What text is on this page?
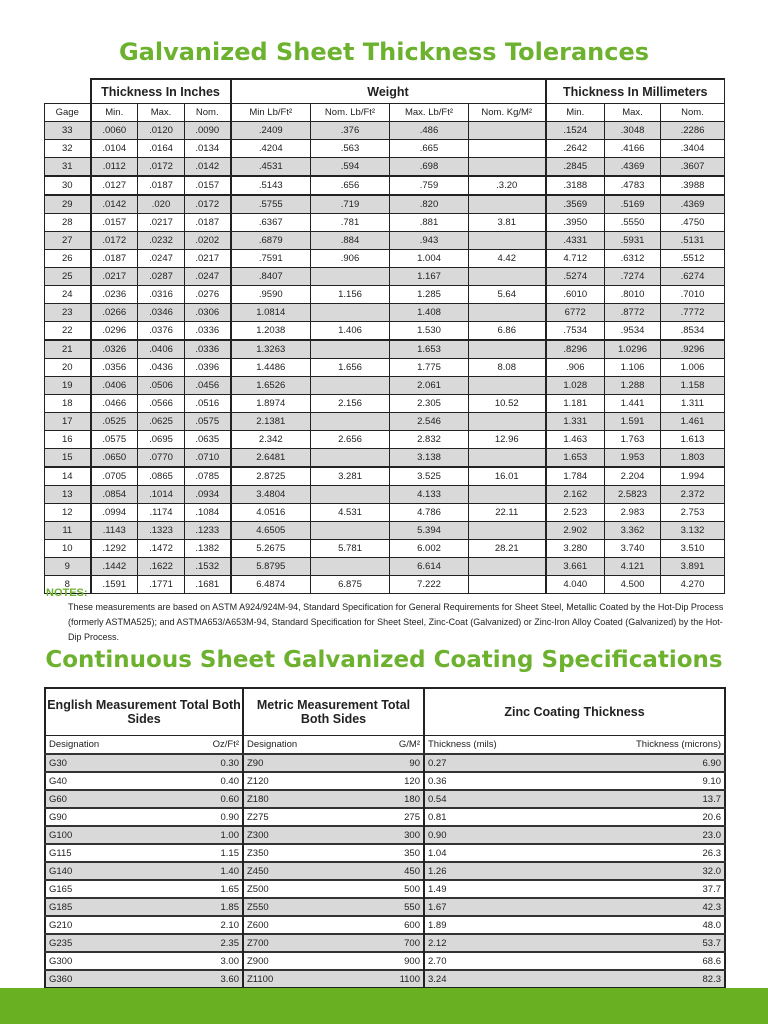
Galvanized Sheet Thickness Tolerances
	Thickness In Inches			Weight				Thickness In Millimeters		
Gage	Min.	Max.	Nom.	Min Lb/Ft²	Nom. Lb/Ft²	Max. Lb/Ft²	Nom. Kg/M²	Min.	Max.	Nom.
33	.0060	.0120	.0090	.2409	.376	.486		.1524	.3048	.2286
32	.0104	.0164	.0134	.4204	.563	.665		.2642	.4166	.3404
31	.0112	.0172	.0142	.4531	.594	.698		.2845	.4369	.3607
30	.0127	.0187	.0157	.5143	.656	.759	.3.20	.3188	.4783	.3988
29	.0142	.020	.0172	.5755	.719	.820		.3569	.5169	.4369
28	.0157	.0217	.0187	.6367	.781	.881	3.81	.3950	.5550	.4750
27	.0172	.0232	.0202	.6879	.884	.943		.4331	.5931	.5131
26	.0187	.0247	.0217	.7591	.906	1.004	4.42	4.712	.6312	.5512
25	.0217	.0287	.0247	.8407		1.167		.5274	.7274	.6274
24	.0236	.0316	.0276	.9590	1.156	1.285	5.64	.6010	.8010	.7010
23	.0266	.0346	.0306	1.0814		1.408		6772	.8772	.7772
22	.0296	.0376	.0336	1.2038	1.406	1.530	6.86	.7534	.9534	.8534
21	.0326	.0406	.0336	1.3263		1.653		.8296	1.0296	.9296
20	.0356	.0436	.0396	1.4486	1.656	1.775	8.08	.906	1.106	1.006
19	.0406	.0506	.0456	1.6526		2.061		1.028	1.288	1.158
18	.0466	.0566	.0516	1.8974	2.156	2.305	10.52	1.181	1.441	1.311
17	.0525	.0625	.0575	2.1381		2.546		1.331	1.591	1.461
16	.0575	.0695	.0635	2.342	2.656	2.832	12.96	1.463	1.763	1.613
15	.0650	.0770	.0710	2.6481		3.138		1.653	1.953	1.803
14	.0705	.0865	.0785	2.8725	3.281	3.525	16.01	1.784	2.204	1.994
13	.0854	.1014	.0934	3.4804		4.133		2.162	2.5823	2.372
12	.0994	.1174	.1084	4.0516	4.531	4.786	22.11	2.523	2.983	2.753
11	.1143	.1323	.1233	4.6505		5.394		2.902	3.362	3.132
10	.1292	.1472	.1382	5.2675	5.781	6.002	28.21	3.280	3.740	3.510
9	.1442	.1622	.1532	5.8795		6.614		3.661	4.121	3.891
8	.1591	.1771	.1681	6.4874	6.875	7.222		4.040	4.500	4.270
NOTES:
These measurements are based on ASTM A924/924M-94, Standard Specification for General Requirements for Sheet Steel, Metallic Coated by the Hot-Dip Process (formerly ASTMA525); and ASTMA653/A653M-94, Standard Specification for Sheet Steel, Zinc-Coat (Galvanized) or Zinc-Iron Alloy Coated (Galvanized) by the Hot-Dip Process.
Continuous Sheet Galvanized Coating Specifications
English Measurement Total Both Sides	Metric Measurement Total Both Sides	Zinc Coating Thickness

Designation Oz/Ft²	Designation G/M²	Thickness (mils) Thickness (microns)

G30 0.30	Z90 90	0.27 6.90

G40 0.40	Z120 120	0.36 9.10

G60 0.60	Z180 180	0.54 13.7

G90 0.90	Z275 275	0.81 20.6

G100 1.00	Z300 300	0.90 23.0

G115 1.15	Z350 350	1.04 26.3

G140 1.40	Z450 450	1.26 32.0

G165 1.65	Z500 500	1.49 37.7

G185 1.85	Z550 550	1.67 42.3

G210 2.10	Z600 600	1.89 48.0

G235 2.35	Z700 700	2.12 53.7

G300 3.00	Z900 900	2.70 68.6

G360 3.60	Z1100 1100	3.24 82.3
